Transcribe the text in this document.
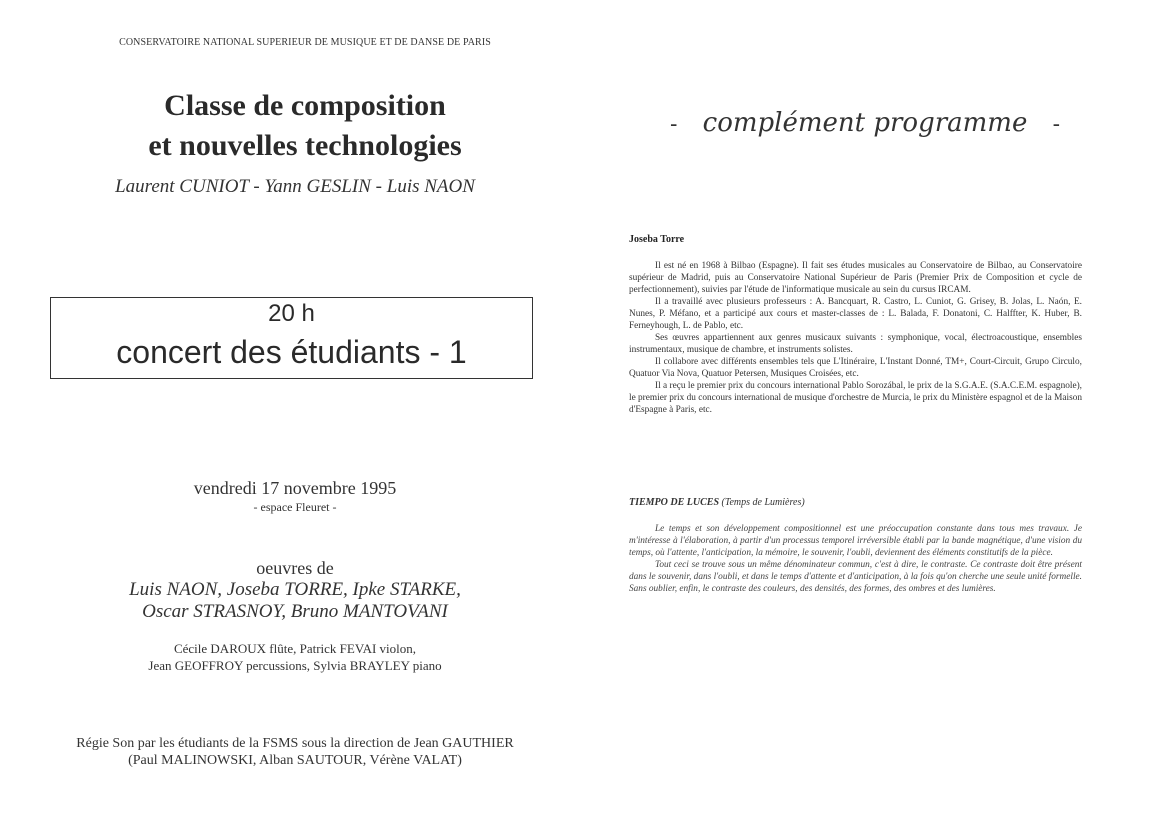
CONSERVATOIRE NATIONAL SUPERIEUR DE MUSIQUE ET DE DANSE DE PARIS
Classe de composition
et nouvelles technologies
Laurent CUNIOT - Yann GESLIN - Luis NAON
20 h
concert des étudiants - 1
vendredi 17 novembre 1995
- espace Fleuret -
oeuvres de
Luis NAON, Joseba TORRE, Ipke STARKE,
Oscar STRASNOY, Bruno MANTOVANI
Cécile DAROUX flûte, Patrick FEVAI violon,
Jean GEOFFROY percussions, Sylvia BRAYLEY piano
Régie Son par les étudiants de la FSMS sous la direction de Jean GAUTHIER
(Paul MALINOWSKI, Alban SAUTOUR, Vérène VALAT)
- complément programme -
Joseba Torre

Il est né en 1968 à Bilbao (Espagne). Il fait ses études musicales au Conservatoire de Bilbao, au Conservatoire supérieur de Madrid, puis au Conservatoire National Supérieur de Paris (Premier Prix de Composition et cycle de perfectionnement), suivies par l'étude de l'informatique musicale au sein du cursus IRCAM.

Il a travaillé avec plusieurs professeurs : A. Bancquart, R. Castro, L. Cuniot, G. Grisey, B. Jolas, L. Naón, E. Nunes, P. Méfano, et a participé aux cours et master-classes de : L. Balada, F. Donatoni, C. Halffter, K. Huber, B. Ferneyhough, L. de Pablo, etc.

Ses œuvres appartiennent aux genres musicaux suivants : symphonique, vocal, électroacoustique, ensembles instrumentaux, musique de chambre, et instruments solistes.

Il collabore avec différents ensembles tels que L'Itinéraire, L'Instant Donné, TM+, Court-Circuit, Grupo Circulo, Quatuor Via Nova, Quatuor Petersen, Musiques Croisées, etc.

Il a reçu le premier prix du concours international Pablo Sorozábal, le prix de la S.G.A.E. (S.A.C.E.M. espagnole), le premier prix du concours international de musique d'orchestre de Murcia, le prix du Ministère espagnol et de la Maison d'Espagne à Paris, etc.

TIEMPO DE LUCES (Temps de Lumières)

Le temps et son développement compositionnel est une préoccupation constante dans tous mes travaux. Je m'intéresse à l'élaboration, à partir d'un processus temporel irréversible établi par la bande magnétique, d'une vision du temps, où l'attente, l'anticipation, la mémoire, le souvenir, l'oubli, deviennent des éléments constitutifs de la pièce.

Tout ceci se trouve sous un même dénominateur commun, c'est à dire, le contraste. Ce contraste doit être présent dans le souvenir, dans l'oubli, et dans le temps d'attente et d'anticipation, à la fois qu'on cherche une seule unité formelle. Sans oublier, enfin, le contraste des couleurs, des densités, des formes, des ombres et des lumières.
